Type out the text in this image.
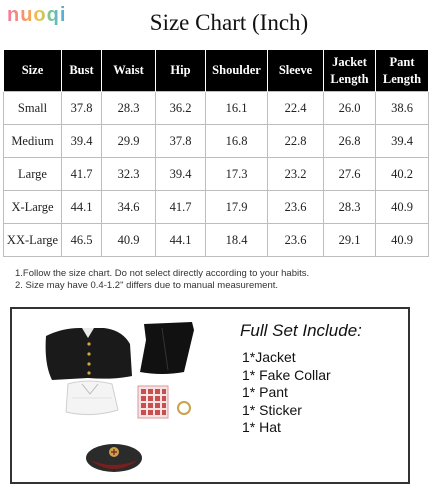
nuoqi	Size Chart (Inch)
Size	Bust	Waist	Hip	Shoulder	Sleeve	Jacket Length	Pant Length
Small	37.8	28.3	36.2	16.1	22.4	26.0	38.6
Medium	39.4	29.9	37.8	16.8	22.8	26.8	39.4
Large	41.7	32.3	39.4	17.3	23.2	27.6	40.2
X-Large	44.1	34.6	41.7	17.9	23.6	28.3	40.9
XX-Large	46.5	40.9	44.1	18.4	23.6	29.1	40.9
1.Follow the size chart. Do not select directly according to your habits.
2. Size may have 0.4-1.2" differs due to manual measurement.
Full Set Include:
1*Jacket
1* Fake Collar
1* Pant
1* Sticker
1* Hat
